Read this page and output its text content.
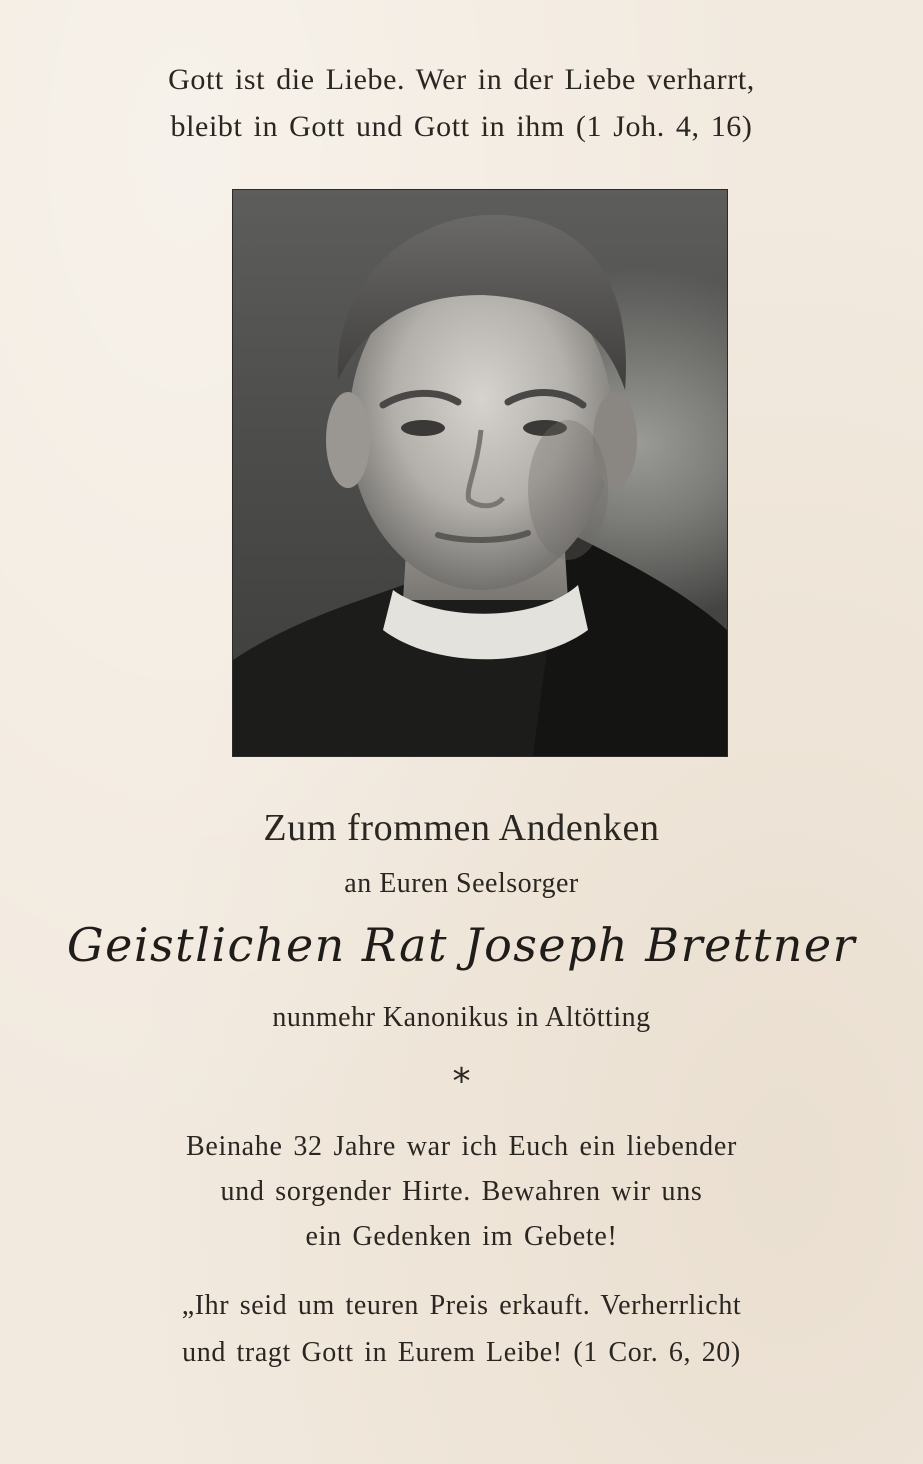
Gott ist die Liebe. Wer in der Liebe verharrt,
bleibt in Gott und Gott in ihm (1 Joh. 4, 16)
Zum frommen Andenken
an Euren Seelsorger
Geistlichen Rat Joseph Brettner
nunmehr Kanonikus in Altötting
*
Beinahe 32 Jahre war ich Euch ein liebender
und sorgender Hirte. Bewahren wir uns
ein Gedenken im Gebete!
„Ihr seid um teuren Preis erkauft. Verherrlicht
und tragt Gott in Eurem Leibe! (1 Cor. 6, 20)
